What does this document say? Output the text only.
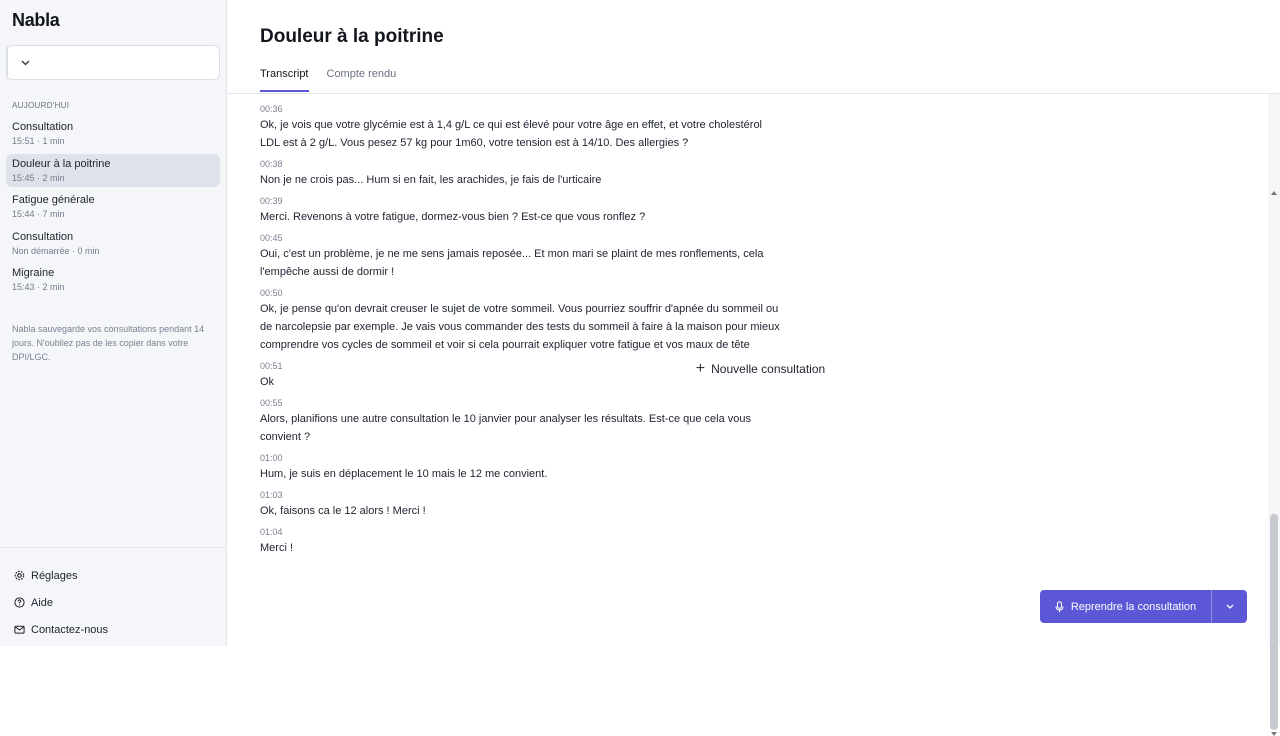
Nabla
+ Nouvelle consultation
AUJOURD'HUI
Consultation
15:51 · 1 min
Douleur à la poitrine
15:45 · 2 min
Fatigue générale
15:44 · 7 min
Consultation
Non démarrée · 0 min
Migraine
15:43 · 2 min
Nabla sauvegarde vos consultations pendant 14 jours. N'oubliez pas de les copier dans votre DPI/LGC.
Réglages
Aide
Contactez-nous
Douleur à la poitrine
Transcript Compte rendu
00:36
Ok, je vois que votre glycémie est à 1,4 g/L ce qui est élevé pour votre âge en effet, et votre cholestérol LDL est à 2 g/L. Vous pesez 57 kg pour 1m60, votre tension est à 14/10. Des allergies ?
00:38
Non je ne crois pas... Hum si en fait, les arachides, je fais de l'urticaire
00:39
Merci. Revenons à votre fatigue, dormez-vous bien ? Est-ce que vous ronflez ?
00:45
Oui, c'est un problème, je ne me sens jamais reposée... Et mon mari se plaint de mes ronflements, cela l'empêche aussi de dormir !
00:50
Ok, je pense qu'on devrait creuser le sujet de votre sommeil. Vous pourriez souffrir d'apnée du sommeil ou de narcolepsie par exemple. Je vais vous commander des tests du sommeil à faire à la maison pour mieux comprendre vos cycles de sommeil et voir si cela pourrait expliquer votre fatigue et vos maux de tête
00:51
Ok
00:55
Alors, planifions une autre consultation le 10 janvier pour analyser les résultats. Est-ce que cela vous convient ?
01:00
Hum, je suis en déplacement le 10 mais le 12 me convient.
01:03
Ok, faisons ca le 12 alors ! Merci !
01:04
Merci !
Reprendre la consultation
